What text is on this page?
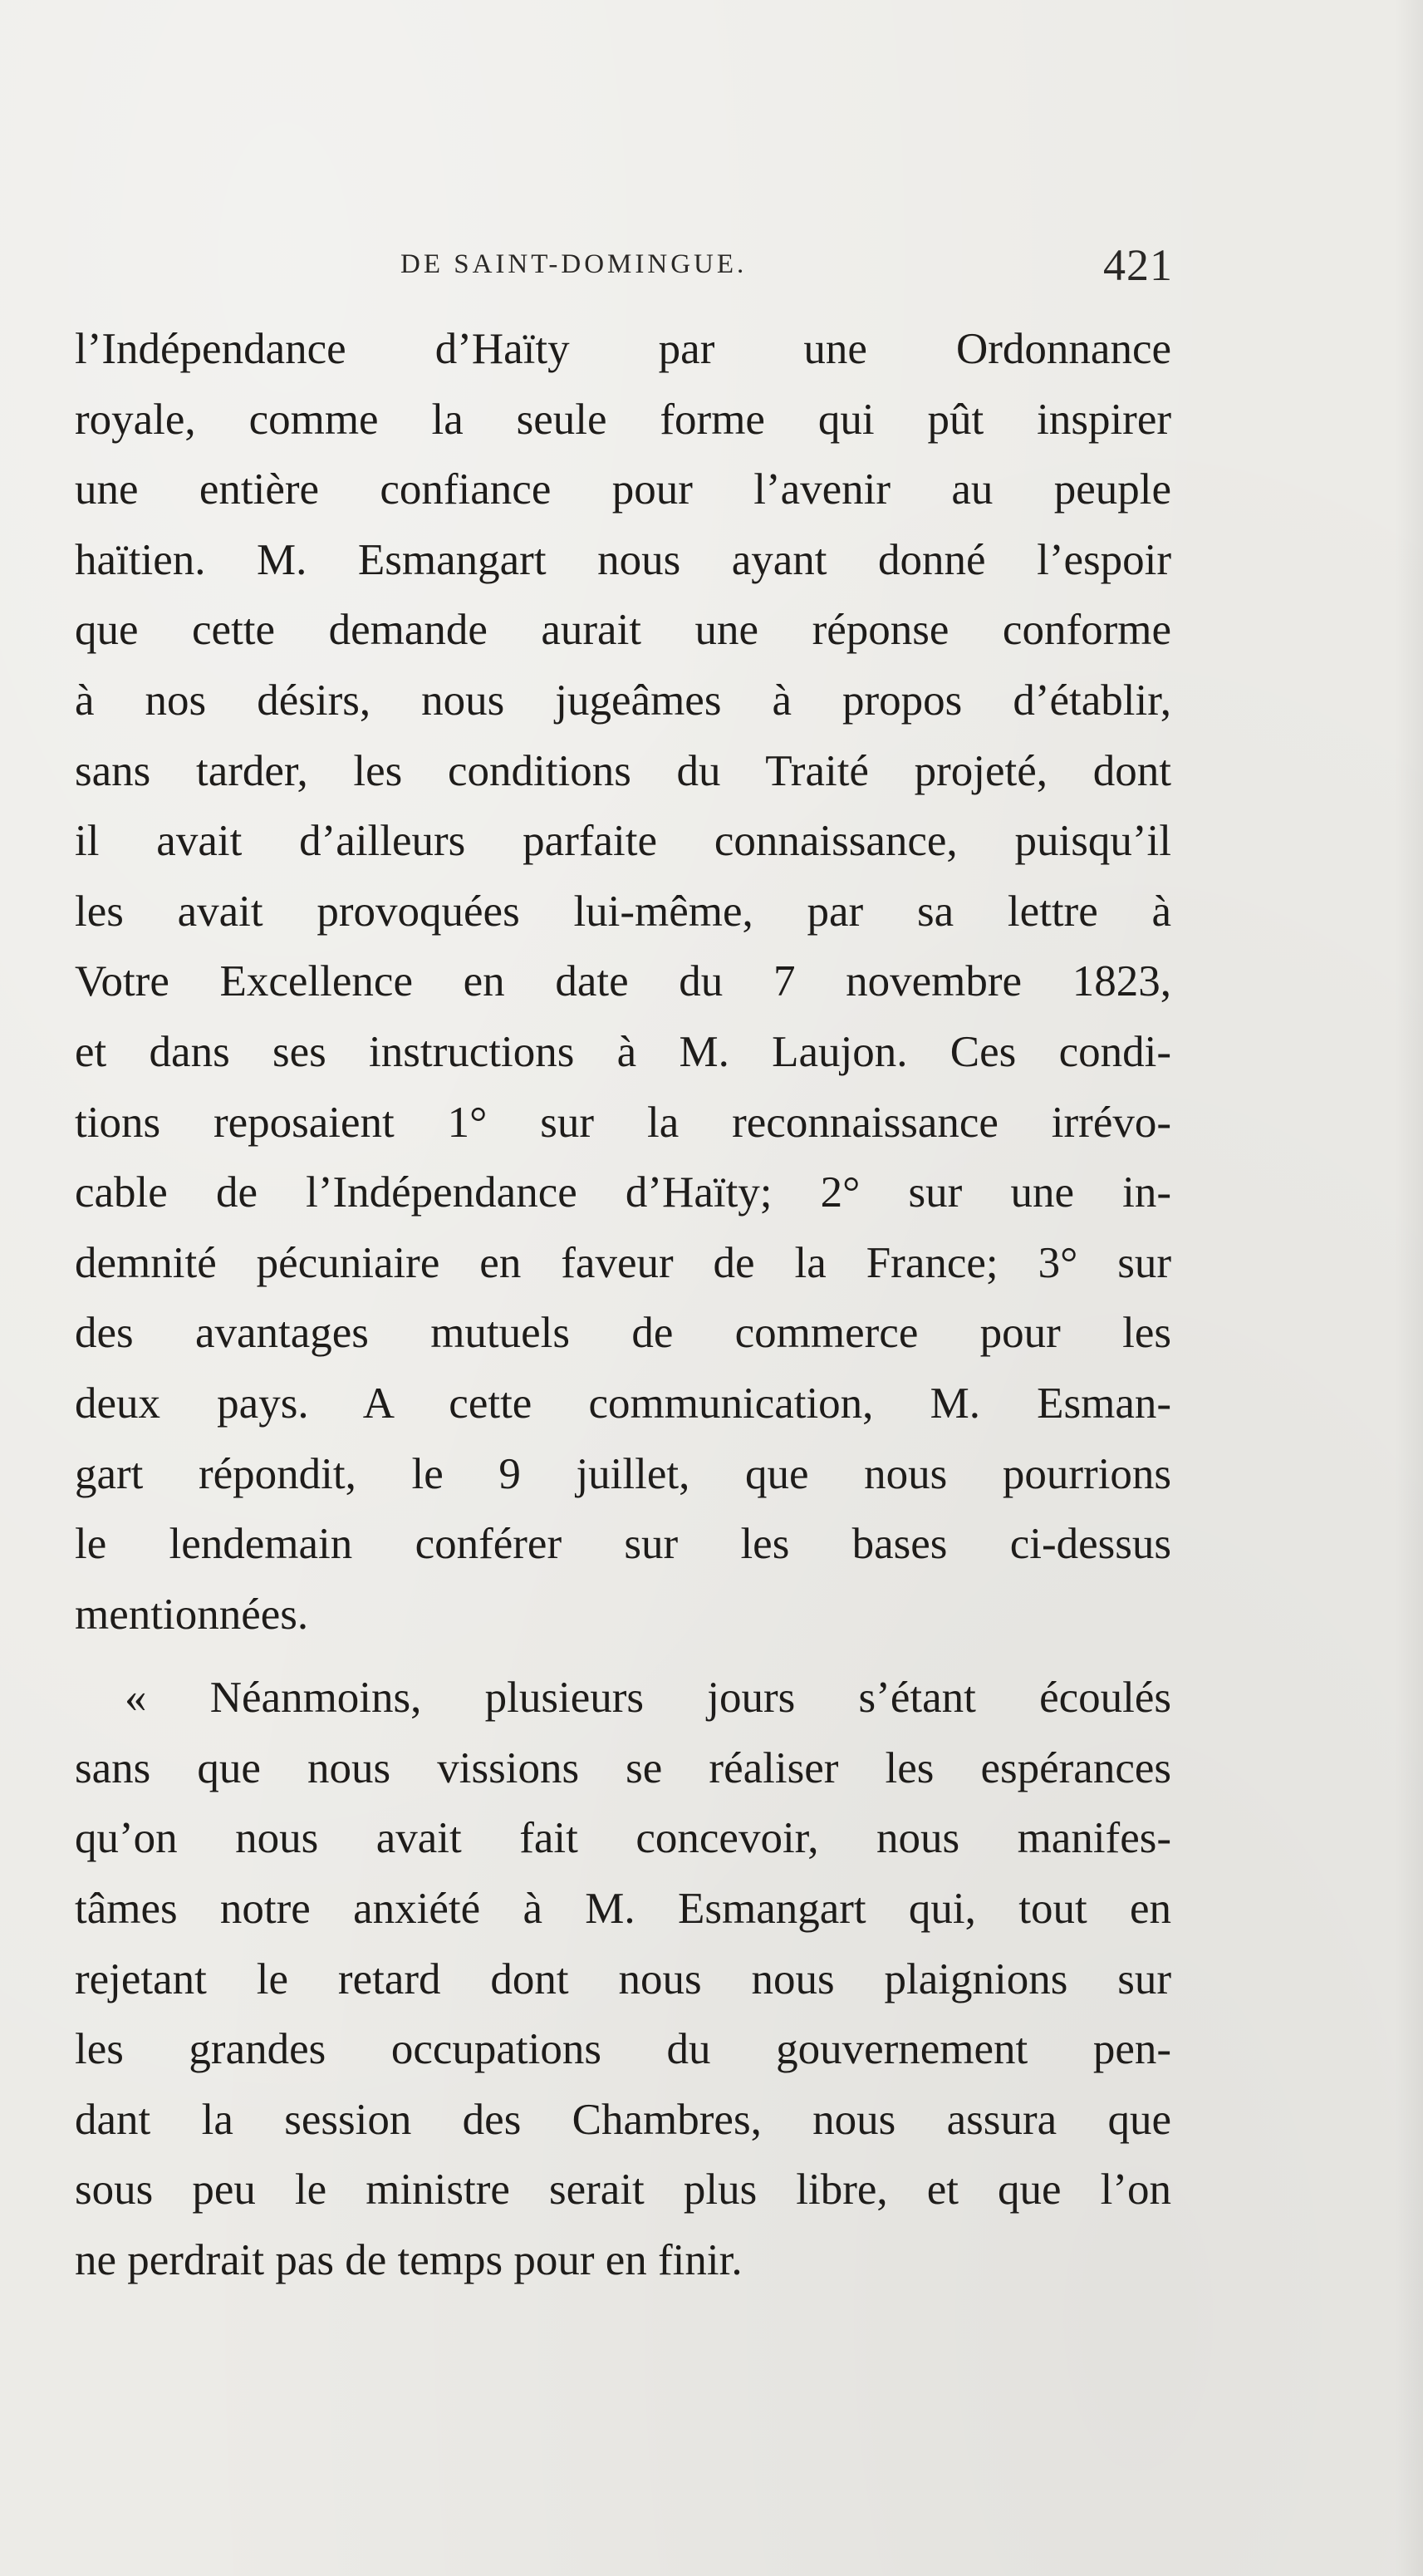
DE SAINT-DOMINGUE.	421
l’Indépendance d’Haïty par une Ordonnance
royale, comme la seule forme qui pût inspirer
une entière confiance pour l’avenir au peuple
haïtien. M. Esmangart nous ayant donné l’espoir
que cette demande aurait une réponse conforme
à nos désirs, nous jugeâmes à propos d’établir,
sans tarder, les conditions du Traité projeté, dont
il avait d’ailleurs parfaite connaissance, puisqu’il
les avait provoquées lui-même, par sa lettre à
Votre Excellence en date du 7 novembre 1823,
et dans ses instructions à M. Laujon. Ces condi-
tions reposaient 1° sur la reconnaissance irrévo-
cable de l’Indépendance d’Haïty; 2° sur une in-
demnité pécuniaire en faveur de la France; 3° sur
des avantages mutuels de commerce pour les
deux pays. A cette communication, M. Esman-
gart répondit, le 9 juillet, que nous pourrions
le lendemain conférer sur les bases ci-dessus
mentionnées.
« Néanmoins, plusieurs jours s’étant écoulés
sans que nous vissions se réaliser les espérances
qu’on nous avait fait concevoir, nous manifes-
tâmes notre anxiété à M. Esmangart qui, tout en
rejetant le retard dont nous nous plaignions sur
les grandes occupations du gouvernement pen-
dant la session des Chambres, nous assura que
sous peu le ministre serait plus libre, et que l’on
ne perdrait pas de temps pour en finir.
